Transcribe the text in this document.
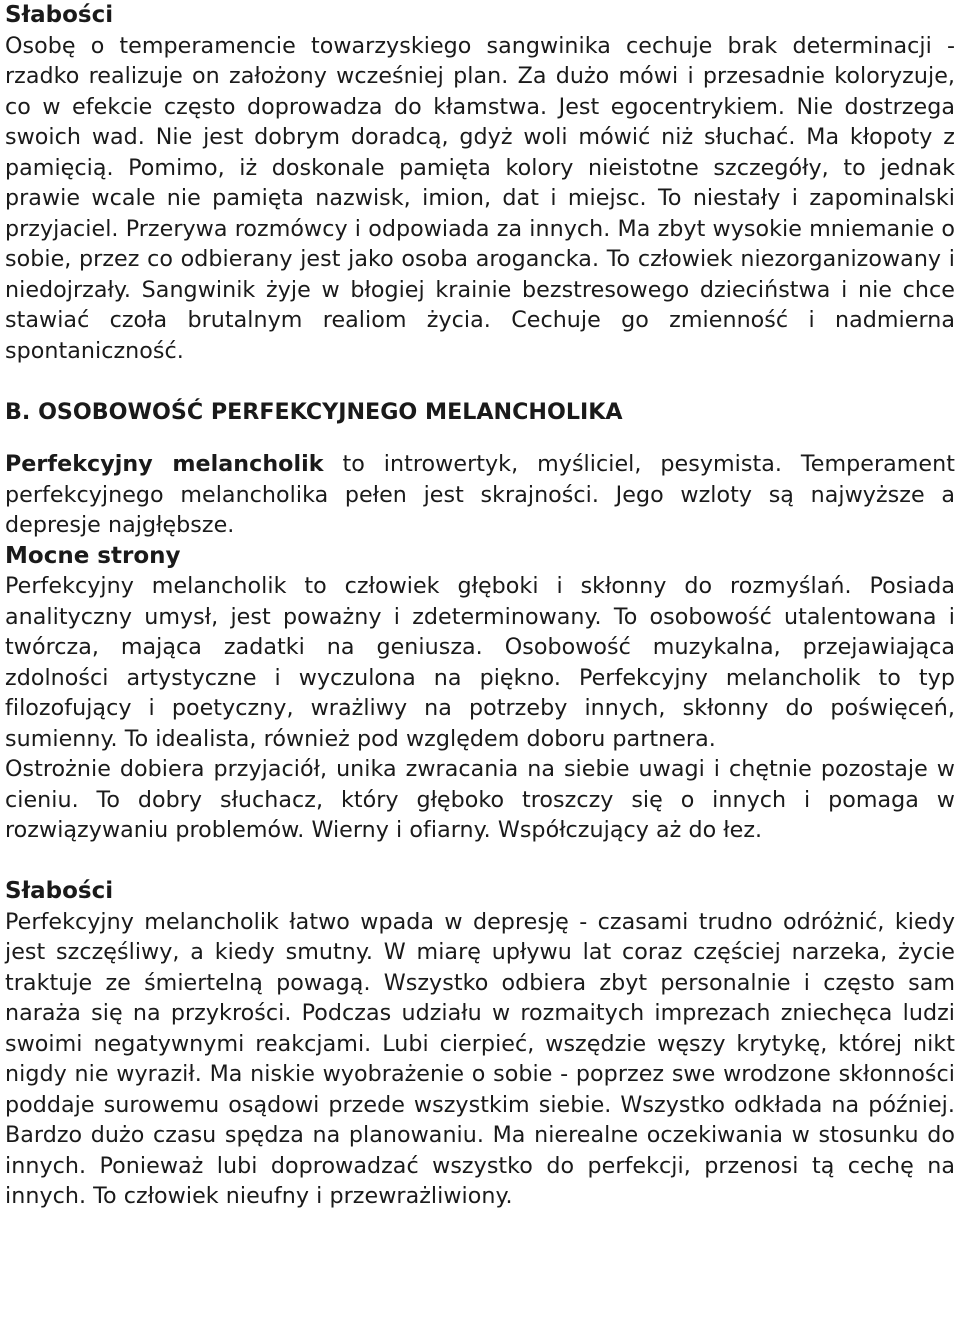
Słabości

Osobę o temperamencie towarzyskiego sangwinika cechuje brak determinacji - rzadko realizuje on założony wcześniej plan. Za dużo mówi i przesadnie koloryzuje, co w efekcie często doprowadza do kłamstwa. Jest egocentrykiem. Nie dostrzega swoich wad. Nie jest dobrym doradcą, gdyż woli mówić niż słuchać. Ma kłopoty z pamięcią. Pomimo, iż doskonale pamięta kolory nieistotne szczegóły, to jednak prawie wcale nie pamięta nazwisk, imion, dat i miejsc. To niestały i zapominalski przyjaciel. Przerywa rozmówcy i odpowiada za innych. Ma zbyt wysokie mniemanie o sobie, przez co odbierany jest jako osoba arogancka. To człowiek niezorganizowany i niedojrzały. Sangwinik żyje w błogiej krainie bezstresowego dzieciństwa i nie chce stawiać czoła brutalnym realiom życia. Cechuje go zmienność i nadmierna spontaniczność.

B. OSOBOWOŚĆ PERFEKCYJNEGO MELANCHOLIKA

Perfekcyjny melancholik to introwertyk, myśliciel, pesymista. Temperament perfekcyjnego melancholika pełen jest skrajności. Jego wzloty są najwyższe a depresje najgłębsze.

Mocne strony

Perfekcyjny melancholik to człowiek głęboki i skłonny do rozmyślań. Posiada analityczny umysł, jest poważny i zdeterminowany. To osobowość utalentowana i twórcza, mająca zadatki na geniusza. Osobowość muzykalna, przejawiająca zdolności artystyczne i wyczulona na piękno. Perfekcyjny melancholik to typ filozofujący i poetyczny, wrażliwy na potrzeby innych, skłonny do poświęceń, sumienny. To idealista, również pod względem doboru partnera.

Ostrożnie dobiera przyjaciół, unika zwracania na siebie uwagi i chętnie pozostaje w cieniu. To dobry słuchacz, który głęboko troszczy się o innych i pomaga w rozwiązywaniu problemów. Wierny i ofiarny. Współczujący aż do łez.

Słabości

Perfekcyjny melancholik łatwo wpada w depresję - czasami trudno odróżnić, kiedy jest szczęśliwy, a kiedy smutny. W miarę upływu lat coraz częściej narzeka, życie traktuje ze śmiertelną powagą. Wszystko odbiera zbyt personalnie i często sam naraża się na przykrości. Podczas udziału w rozmaitych imprezach zniechęca ludzi swoimi negatywnymi reakcjami. Lubi cierpieć, wszędzie węszy krytykę, której nikt nigdy nie wyraził. Ma niskie wyobrażenie o sobie - poprzez swe wrodzone skłonności poddaje surowemu osądowi przede wszystkim siebie. Wszystko odkłada na później. Bardzo dużo czasu spędza na planowaniu. Ma nierealne oczekiwania w stosunku do innych. Ponieważ lubi doprowadzać wszystko do perfekcji, przenosi tą cechę na innych. To człowiek nieufny i przewrażliwiony.
